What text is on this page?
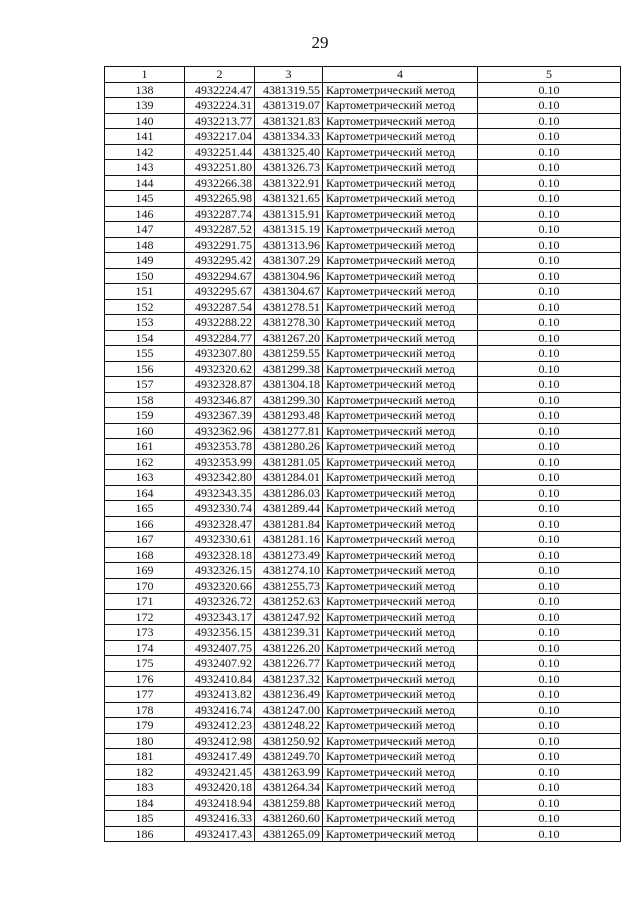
29
1	2	3	4	5
138	4932224.47	4381319.55	Картометрический метод	0.10
139	4932224.31	4381319.07	Картометрический метод	0.10
140	4932213.77	4381321.83	Картометрический метод	0.10
141	4932217.04	4381334.33	Картометрический метод	0.10
142	4932251.44	4381325.40	Картометрический метод	0.10
143	4932251.80	4381326.73	Картометрический метод	0.10
144	4932266.38	4381322.91	Картометрический метод	0.10
145	4932265.98	4381321.65	Картометрический метод	0.10
146	4932287.74	4381315.91	Картометрический метод	0.10
147	4932287.52	4381315.19	Картометрический метод	0.10
148	4932291.75	4381313.96	Картометрический метод	0.10
149	4932295.42	4381307.29	Картометрический метод	0.10
150	4932294.67	4381304.96	Картометрический метод	0.10
151	4932295.67	4381304.67	Картометрический метод	0.10
152	4932287.54	4381278.51	Картометрический метод	0.10
153	4932288.22	4381278.30	Картометрический метод	0.10
154	4932284.77	4381267.20	Картометрический метод	0.10
155	4932307.80	4381259.55	Картометрический метод	0.10
156	4932320.62	4381299.38	Картометрический метод	0.10
157	4932328.87	4381304.18	Картометрический метод	0.10
158	4932346.87	4381299.30	Картометрический метод	0.10
159	4932367.39	4381293.48	Картометрический метод	0.10
160	4932362.96	4381277.81	Картометрический метод	0.10
161	4932353.78	4381280.26	Картометрический метод	0.10
162	4932353.99	4381281.05	Картометрический метод	0.10
163	4932342.80	4381284.01	Картометрический метод	0.10
164	4932343.35	4381286.03	Картометрический метод	0.10
165	4932330.74	4381289.44	Картометрический метод	0.10
166	4932328.47	4381281.84	Картометрический метод	0.10
167	4932330.61	4381281.16	Картометрический метод	0.10
168	4932328.18	4381273.49	Картометрический метод	0.10
169	4932326.15	4381274.10	Картометрический метод	0.10
170	4932320.66	4381255.73	Картометрический метод	0.10
171	4932326.72	4381252.63	Картометрический метод	0.10
172	4932343.17	4381247.92	Картометрический метод	0.10
173	4932356.15	4381239.31	Картометрический метод	0.10
174	4932407.75	4381226.20	Картометрический метод	0.10
175	4932407.92	4381226.77	Картометрический метод	0.10
176	4932410.84	4381237.32	Картометрический метод	0.10
177	4932413.82	4381236.49	Картометрический метод	0.10
178	4932416.74	4381247.00	Картометрический метод	0.10
179	4932412.23	4381248.22	Картометрический метод	0.10
180	4932412.98	4381250.92	Картометрический метод	0.10
181	4932417.49	4381249.70	Картометрический метод	0.10
182	4932421.45	4381263.99	Картометрический метод	0.10
183	4932420.18	4381264.34	Картометрический метод	0.10
184	4932418.94	4381259.88	Картометрический метод	0.10
185	4932416.33	4381260.60	Картометрический метод	0.10
186	4932417.43	4381265.09	Картометрический метод	0.10
